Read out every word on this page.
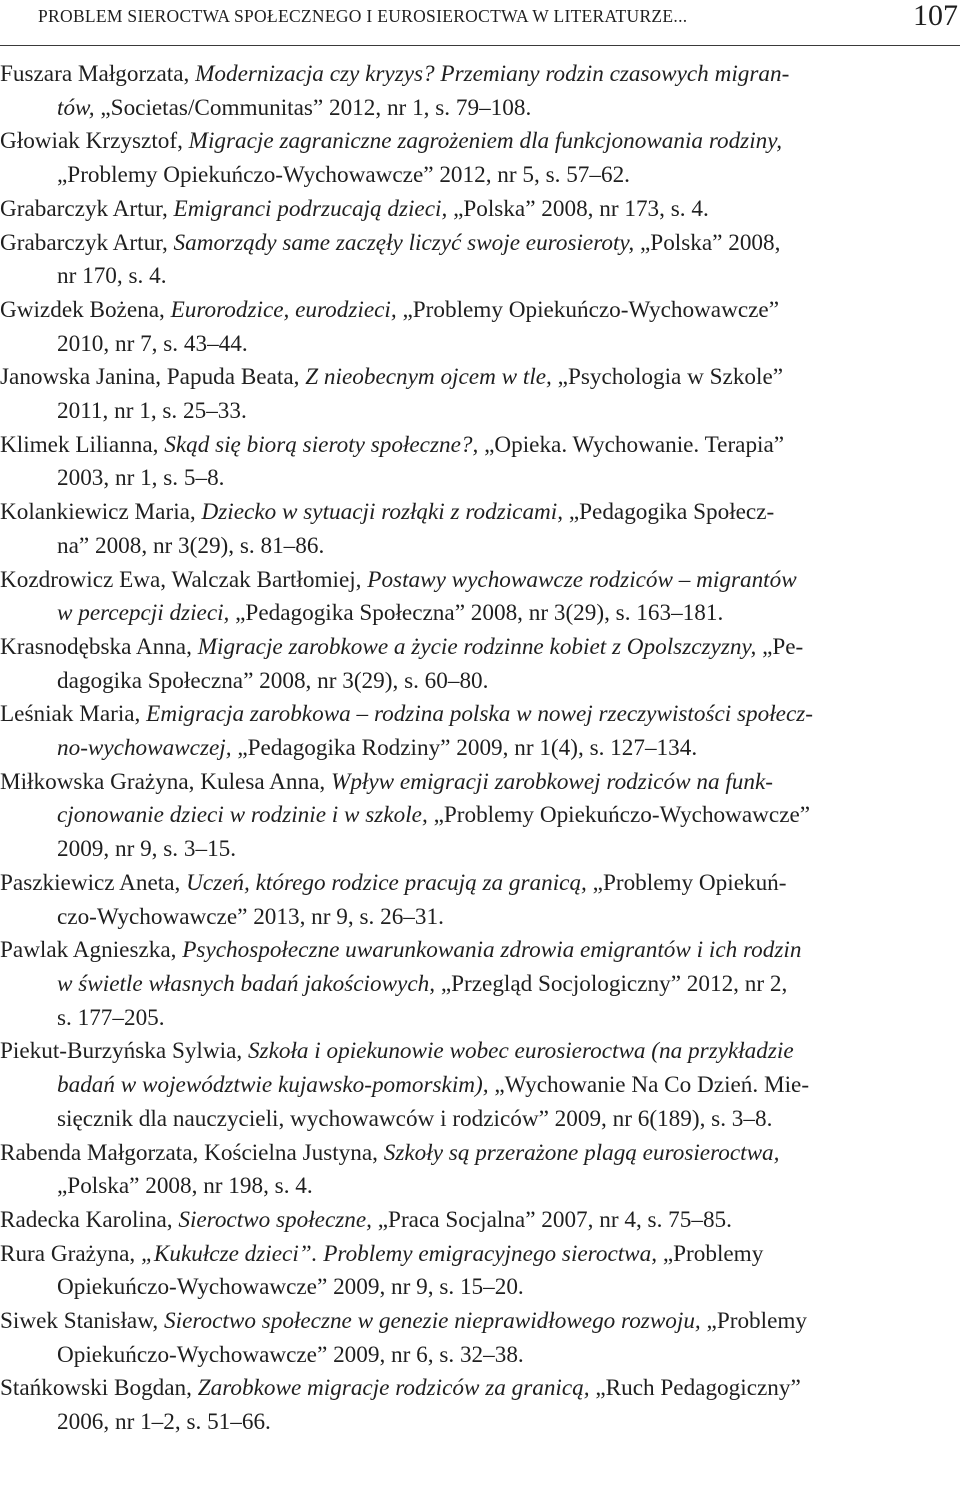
PROBLEM SIEROCTWA SPOŁECZNEGO I EUROSIEROCTWA W LITERATURZE...	107
Fuszara Małgorzata, Modernizacja czy kryzys? Przemiany rodzin czasowych migran-
tów, „Societas/Communitas” 2012, nr 1, s. 79–108.
Głowiak Krzysztof, Migracje zagraniczne zagrożeniem dla funkcjonowania rodziny,
„Problemy Opiekuńczo-Wychowawcze” 2012, nr 5, s. 57–62.
Grabarczyk Artur, Emigranci podrzucają dzieci, „Polska” 2008, nr 173, s. 4.
Grabarczyk Artur, Samorządy same zaczęły liczyć swoje eurosieroty, „Polska” 2008,
nr 170, s. 4.
Gwizdek Bożena, Eurorodzice, eurodzieci, „Problemy Opiekuńczo-Wychowawcze”
2010, nr 7, s. 43–44.
Janowska Janina, Papuda Beata, Z nieobecnym ojcem w tle, „Psychologia w Szkole”
2011, nr 1, s. 25–33.
Klimek Lilianna, Skąd się biorą sieroty społeczne?, „Opieka. Wychowanie. Terapia”
2003, nr 1, s. 5–8.
Kolankiewicz Maria, Dziecko w sytuacji rozłąki z rodzicami, „Pedagogika Społecz-
na” 2008, nr 3(29), s. 81–86.
Kozdrowicz Ewa, Walczak Bartłomiej, Postawy wychowawcze rodziców – migrantów
w percepcji dzieci, „Pedagogika Społeczna” 2008, nr 3(29), s. 163–181.
Krasnodębska Anna, Migracje zarobkowe a życie rodzinne kobiet z Opolszczyzny, „Pe-
dagogika Społeczna” 2008, nr 3(29), s. 60–80.
Leśniak Maria, Emigracja zarobkowa – rodzina polska w nowej rzeczywistości społecz-
no-wychowawczej, „Pedagogika Rodziny” 2009, nr 1(4), s. 127–134.
Miłkowska Grażyna, Kulesa Anna, Wpływ emigracji zarobkowej rodziców na funk-
cjonowanie dzieci w rodzinie i w szkole, „Problemy Opiekuńczo-Wychowawcze”
2009, nr 9, s. 3–15.
Paszkiewicz Aneta, Uczeń, którego rodzice pracują za granicą, „Problemy Opiekuń-
czo-Wychowawcze” 2013, nr 9, s. 26–31.
Pawlak Agnieszka, Psychospołeczne uwarunkowania zdrowia emigrantów i ich rodzin
w świetle własnych badań jakościowych, „Przegląd Socjologiczny” 2012, nr 2,
s. 177–205.
Piekut-Burzyńska Sylwia, Szkoła i opiekunowie wobec eurosieroctwa (na przykładzie
badań w województwie kujawsko-pomorskim), „Wychowanie Na Co Dzień. Mie-
sięcznik dla nauczycieli, wychowawców i rodziców” 2009, nr 6(189), s. 3–8.
Rabenda Małgorzata, Kościelna Justyna, Szkoły są przerażone plagą eurosieroctwa,
„Polska” 2008, nr 198, s. 4.
Radecka Karolina, Sieroctwo społeczne, „Praca Socjalna” 2007, nr 4, s. 75–85.
Rura Grażyna, „Kukułcze dzieci”. Problemy emigracyjnego sieroctwa, „Problemy
Opiekuńczo-Wychowawcze” 2009, nr 9, s. 15–20.
Siwek Stanisław, Sieroctwo społeczne w genezie nieprawidłowego rozwoju, „Problemy
Opiekuńczo-Wychowawcze” 2009, nr 6, s. 32–38.
Stańkowski Bogdan, Zarobkowe migracje rodziców za granicą, „Ruch Pedagogiczny”
2006, nr 1–2, s. 51–66.
